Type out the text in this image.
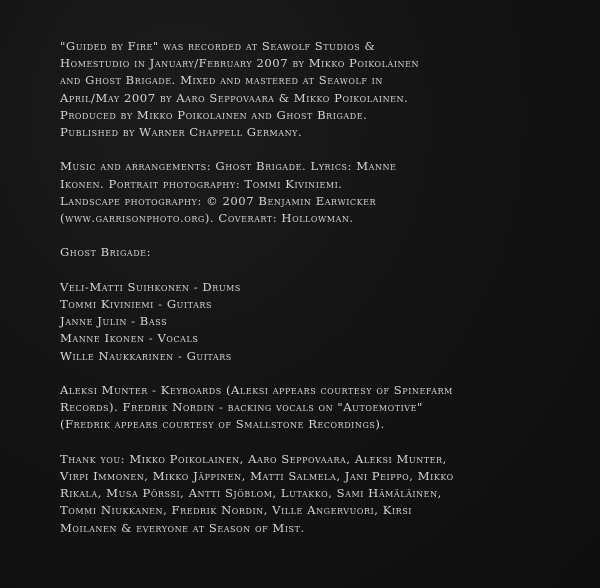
"Guided by Fire" was recorded at Seawolf Studios &
Homestudio in January/February 2007 by Mikko Poikolainen
and Ghost Brigade. Mixed and mastered at Seawolf in
April/May 2007 by Aaro Seppovaara & Mikko Poikolainen.
Produced by Mikko Poikolainen and Ghost Brigade.
Published by Warner Chappell Germany.

Music and arrangements: Ghost Brigade. Lyrics: Manne
Ikonen. Portrait photography: Tommi Kiviniemi.
Landscape photography: © 2007 Benjamin Earwicker
(www.garrisonphoto.org). Coverart: Hollowman.

Ghost Brigade:

Veli-Matti Suihkonen - Drums
Tommi Kiviniemi - Guitars
Janne Julin - Bass
Manne Ikonen - Vocals
Wille Naukkarinen - Guitars

Aleksi Munter - Keyboards (Aleksi appears courtesy of Spinefarm
Records). Fredrik Nordin - backing vocals on "Autoemotive"
(Fredrik appears courtesy of Smallstone Recordings).

Thank you: Mikko Poikolainen, Aaro Seppovaara, Aleksi Munter,
Virpi Immonen, Mikko Jäppinen, Matti Salmela, Jani Peippo, Mikko
Rikala, Musa Pörssi, Antti Sjöblom, Lutakko, Sami Hämäläinen,
Tommi Niukkanen, Fredrik Nordin, Ville Angervuori, Kirsi
Moilanen & everyone at Season of Mist.
